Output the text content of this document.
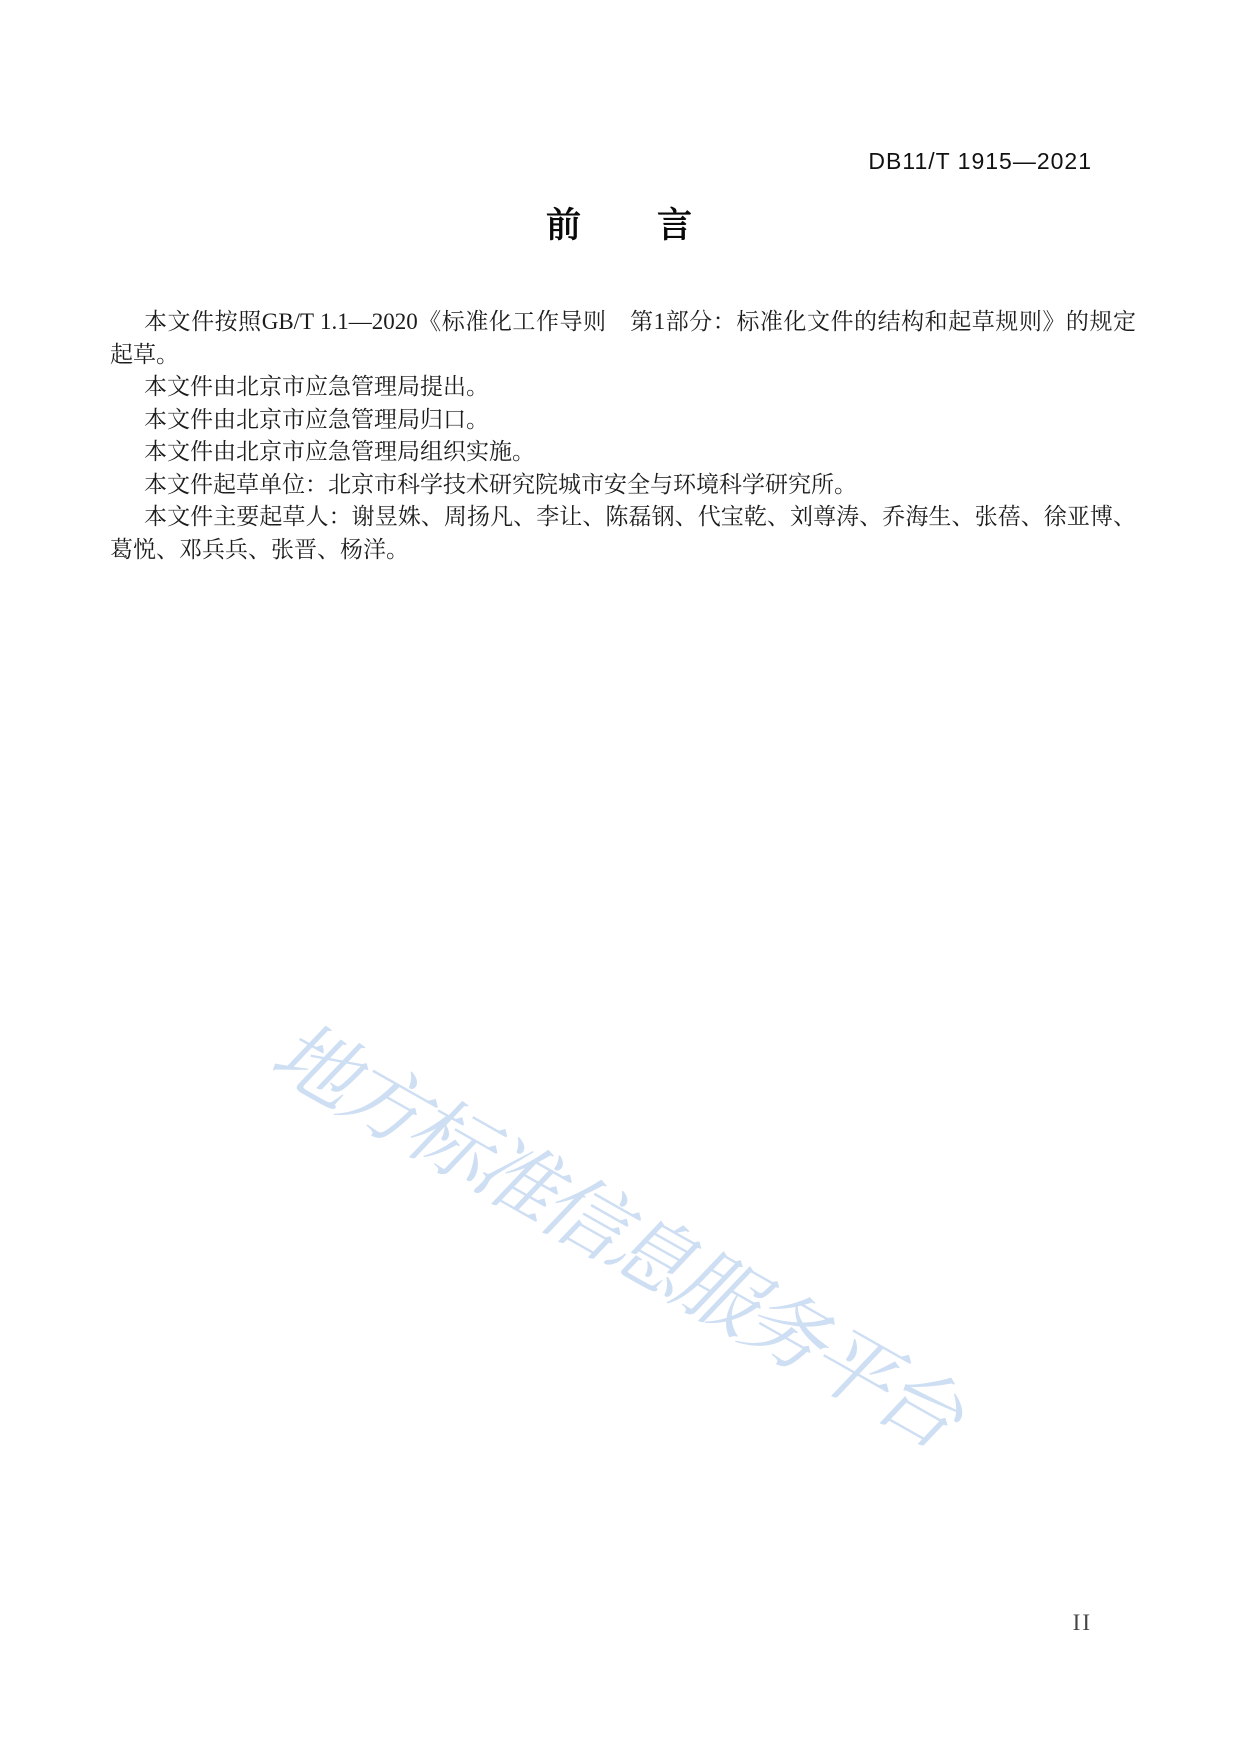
DB11/T 1915—2021
前　　言

本文件按照GB/T 1.1—2020《标准化工作导则　第1部分：标准化文件的结构和起草规则》的规定起草。

本文件由北京市应急管理局提出。

本文件由北京市应急管理局归口。

本文件由北京市应急管理局组织实施。

本文件起草单位：北京市科学技术研究院城市安全与环境科学研究所。

本文件主要起草人：谢昱姝、周扬凡、李让、陈磊钢、代宝乾、刘尊涛、乔海生、张蓓、徐亚博、葛悦、邓兵兵、张晋、杨洋。

地方标准信息服务平台
II
